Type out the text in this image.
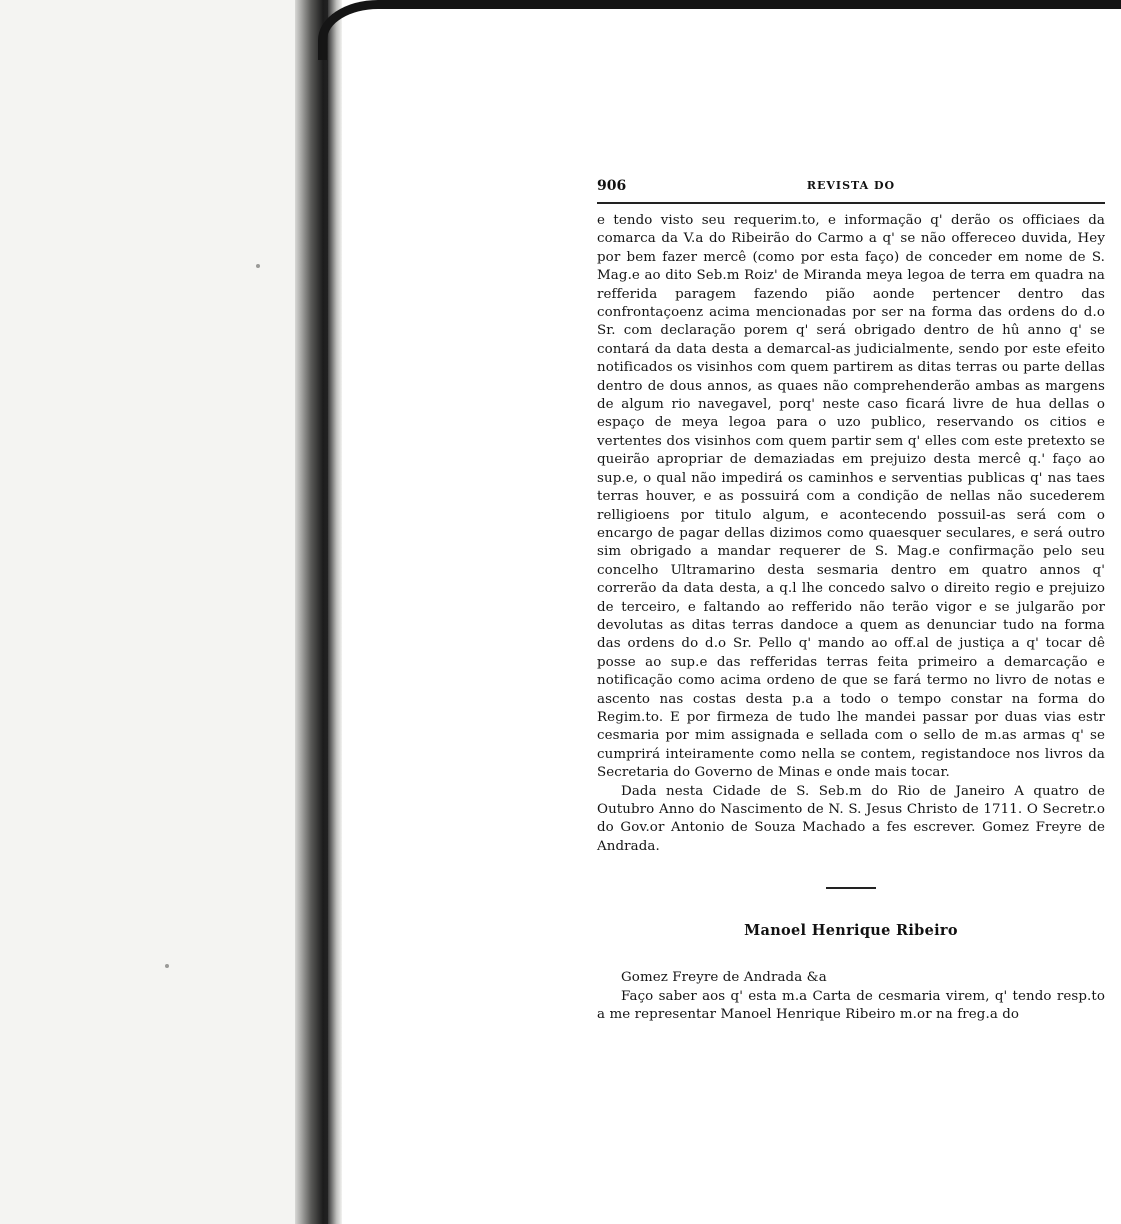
906	REVISTA DO

e tendo visto seu requerim.to, e informação q' derão os officiaes da comarca da V.a do Ribeirão do Carmo a q' se não offereceo duvida, Hey por bem fazer mercê (como por esta faço) de conceder em nome de S. Mag.e ao dito Seb.m Roiz' de Miranda meya legoa de terra em quadra na refferida paragem fazendo pião aonde pertencer dentro das confrontaçoenz acima mencionadas por ser na forma das ordens do d.o Sr. com declaração porem q' será obrigado dentro de hû anno q' se contará da data desta a demarcal-as judicialmente, sendo por este efeito notificados os visinhos com quem partirem as ditas terras ou parte dellas dentro de dous annos, as quaes não comprehenderão ambas as margens de algum rio navegavel, porq' neste caso ficará livre de hua dellas o espaço de meya legoa para o uzo publico, reservando os citios e vertentes dos visinhos com quem partir sem q' elles com este pretexto se queirão apropriar de demaziadas em prejuizo desta mercê q.' faço ao sup.e, o qual não impedirá os caminhos e serventias publicas q' nas taes terras houver, e as possuirá com a condição de nellas não sucederem relligioens por titulo algum, e acontecendo possuil-as será com o encargo de pagar dellas dizimos como quaesquer seculares, e será outro sim obrigado a mandar requerer de S. Mag.e confirmação pelo seu concelho Ultramarino desta sesmaria dentro em quatro annos q' correrão da data desta, a q.l lhe concedo salvo o direito regio e prejuizo de terceiro, e faltando ao refferido não terão vigor e se julgarão por devolutas as ditas terras dandoce a quem as denunciar tudo na forma das ordens do d.o Sr. Pello q' mando ao off.al de justiça a q' tocar dê posse ao sup.e das refferidas terras feita primeiro a demarcação e notificação como acima ordeno de que se fará termo no livro de notas e ascento nas costas desta p.a a todo o tempo constar na forma do Regim.to. E por firmeza de tudo lhe mandei passar por duas vias estr cesmaria por mim assignada e sellada com o sello de m.as armas q' se cumprirá inteiramente como nella se contem, registandoce nos livros da Secretaria do Governo de Minas e onde mais tocar.

Dada nesta Cidade de S. Seb.m do Rio de Janeiro A quatro de Outubro Anno do Nascimento de N. S. Jesus Christo de 1711. O Secretr.o do Gov.or Antonio de Souza Machado a fes escrever. Gomez Freyre de Andrada.

Manoel Henrique Ribeiro

Gomez Freyre de Andrada &a

Faço saber aos q' esta m.a Carta de cesmaria virem, q' tendo resp.to a me representar Manoel Henrique Ribeiro m.or na freg.a do
